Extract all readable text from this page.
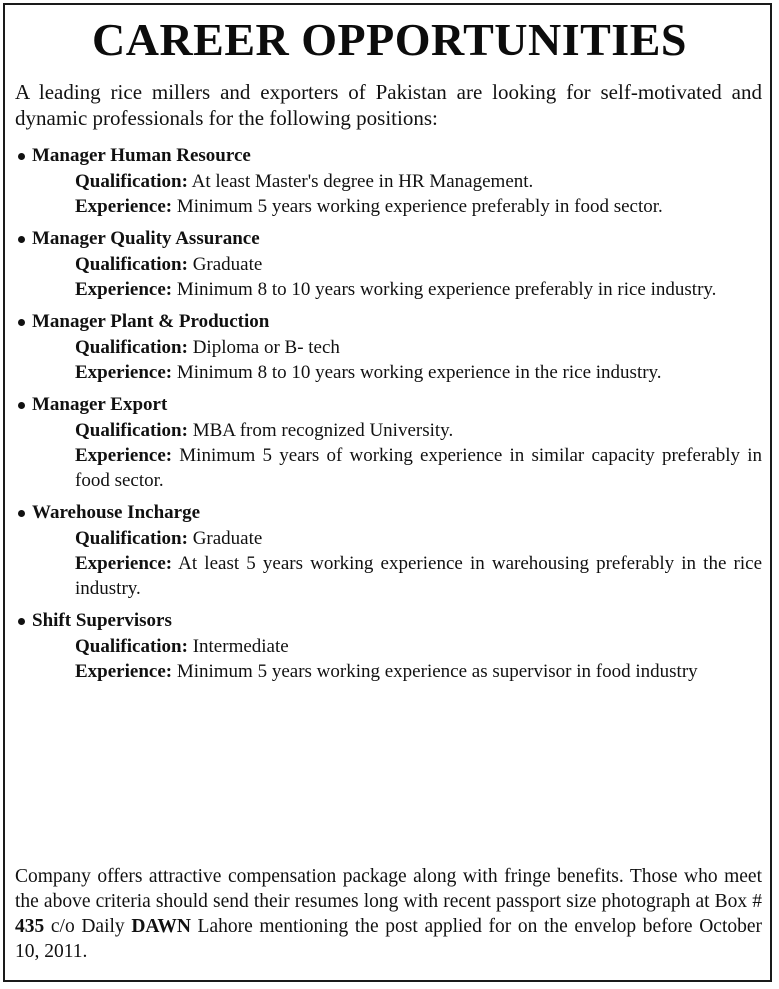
CAREER OPPORTUNITIES
A leading rice millers and exporters of Pakistan are looking for self-motivated and dynamic professionals for the following positions:
Manager Human Resource
Qualification: At least Master's degree in HR Management.
Experience: Minimum 5 years working experience preferably in food sector.
Manager Quality Assurance
Qualification: Graduate
Experience: Minimum 8 to 10 years working experience preferably in rice industry.
Manager Plant & Production
Qualification: Diploma or B- tech
Experience: Minimum 8 to 10 years working experience in the rice industry.
Manager Export
Qualification: MBA from recognized University.
Experience: Minimum 5 years of working experience in similar capacity preferably in food sector.
Warehouse Incharge
Qualification: Graduate
Experience: At least 5 years working experience in warehousing preferably in the rice industry.
Shift Supervisors
Qualification: Intermediate
Experience: Minimum 5 years working experience as supervisor in food industry
Company offers attractive compensation package along with fringe benefits. Those who meet the above criteria should send their resumes long with recent passport size photograph at Box # 435 c/o Daily DAWN Lahore mentioning the post applied for on the envelop before October 10, 2011.
